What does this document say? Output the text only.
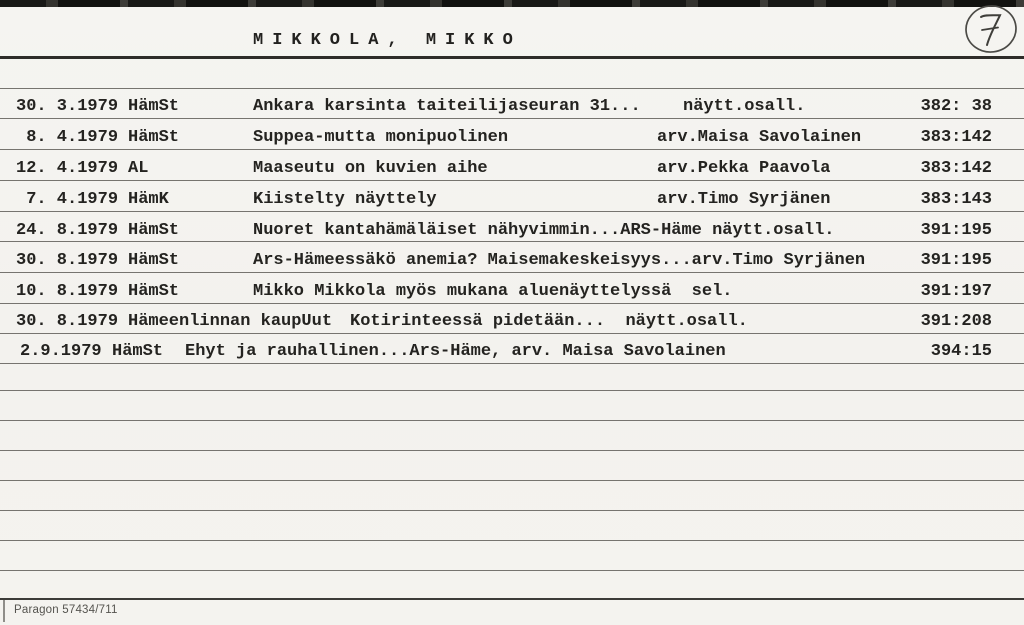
MIKKOLA, MIKKO
30. 3.1979 HämSt	Ankara karsinta taiteilijaseuran 31... näytt.osall.	382: 38
8. 4.1979 HämSt	Suppea-mutta monipuolinen	arv.Maisa Savolainen	383:142
12. 4.1979 AL	Maaseutu on kuvien aihe	arv.Pekka Paavola	383:142
7. 4.1979 HämK	Kiistelty näyttely	arv.Timo Syrjänen	383:143
24. 8.1979 HämSt	Nuoret kantahämäläiset nähyvimmin...ARS-Häme näytt.osall.	391:195
30. 8.1979 HämSt	Ars-Hämeessäkö anemia? Maisemakeskeisyys...arv.Timo Syrjänen	391:195
10. 8.1979 HämSt	Mikko Mikkola myös mukana aluenäyttelyssä  sel.	391:197
30. 8.1979 Hämeenlinnan kaupUut Kotirinteessä pidetään...  näytt.osall.	391:208
2.9.1979 HämSt Ehyt ja rauhallinen...Ars-Häme, arv. Maisa Savolainen	394:15
Paragon 57434/711
